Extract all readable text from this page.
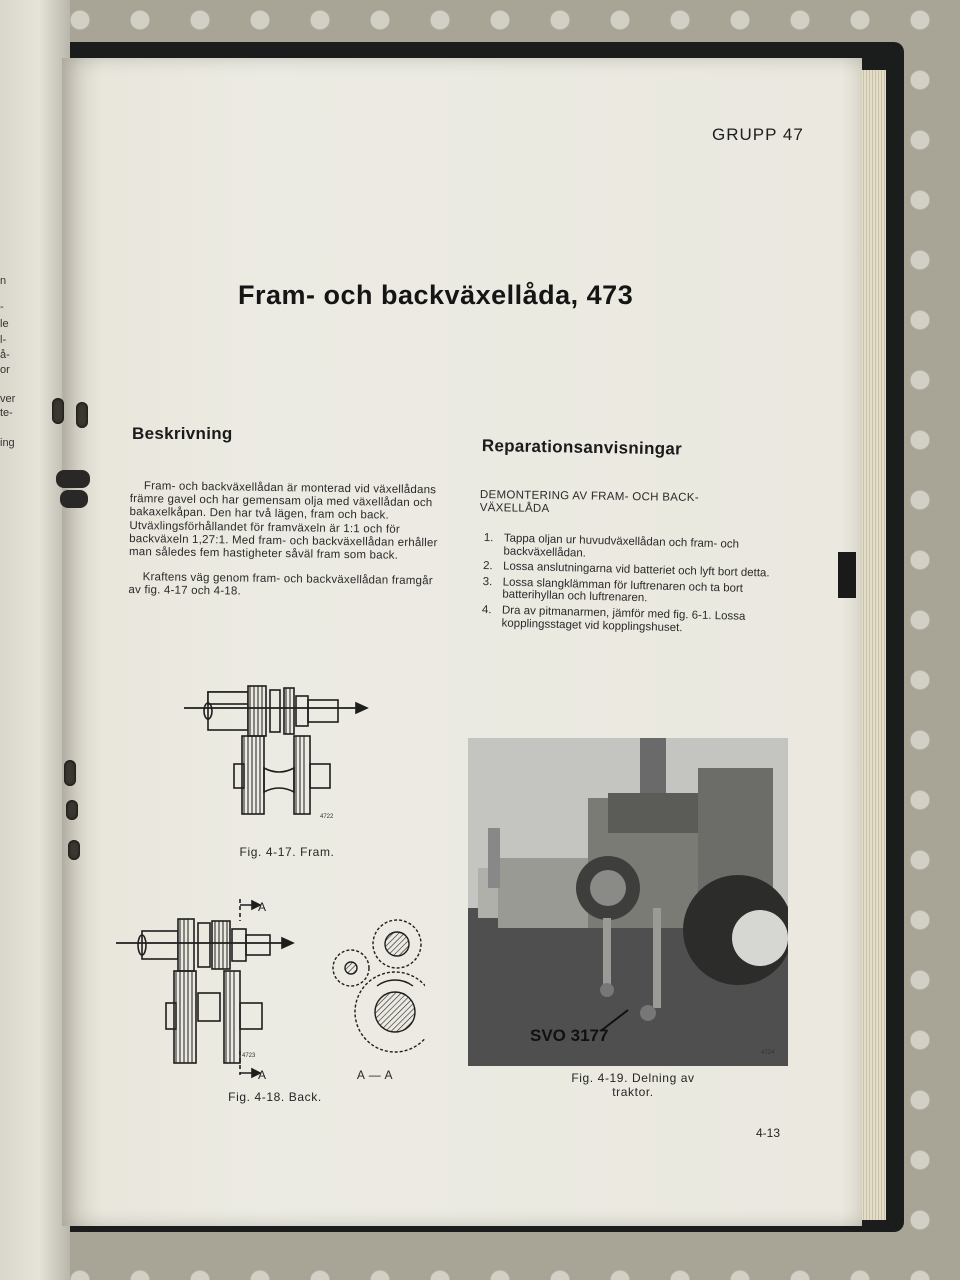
n
-
le
l-
å-
or
ver
te-
ing
GRUPP 47
Fram- och backväxellåda, 473
Beskrivning
Reparationsanvisningar

Fram- och backväxellådan är monterad vid växellådans främre gavel och har gemensam olja med växellådan och bakaxelkåpan. Den har två lägen, fram och back. Utväxlingsförhållandet för framväxeln är 1:1 och för backväxeln 1,27:1. Med fram- och backväxellådan erhåller man således fem hastigheter såväl fram som back.

Kraftens väg genom fram- och backväxellådan framgår av fig. 4-17 och 4-18.

DEMONTERING AV FRAM- OCH BACK-VÄXELLÅDA
1. Tappa oljan ur huvudväxellådan och fram- och backväxellådan.
2. Lossa anslutningarna vid batteriet och lyft bort detta.
3. Lossa slangklämman för luftrenaren och ta bort batterihyllan och luftrenaren.
4. Dra av pitmanarmen, jämför med fig. 6-1. Lossa kopplingsstaget vid kopplingshuset.
4722
Fig. 4-17. Fram.
4723
A
A	A — A
Fig. 4-18. Back.
SVO 3177
4724
Fig. 4-19. Delning av
traktor.
4-13
